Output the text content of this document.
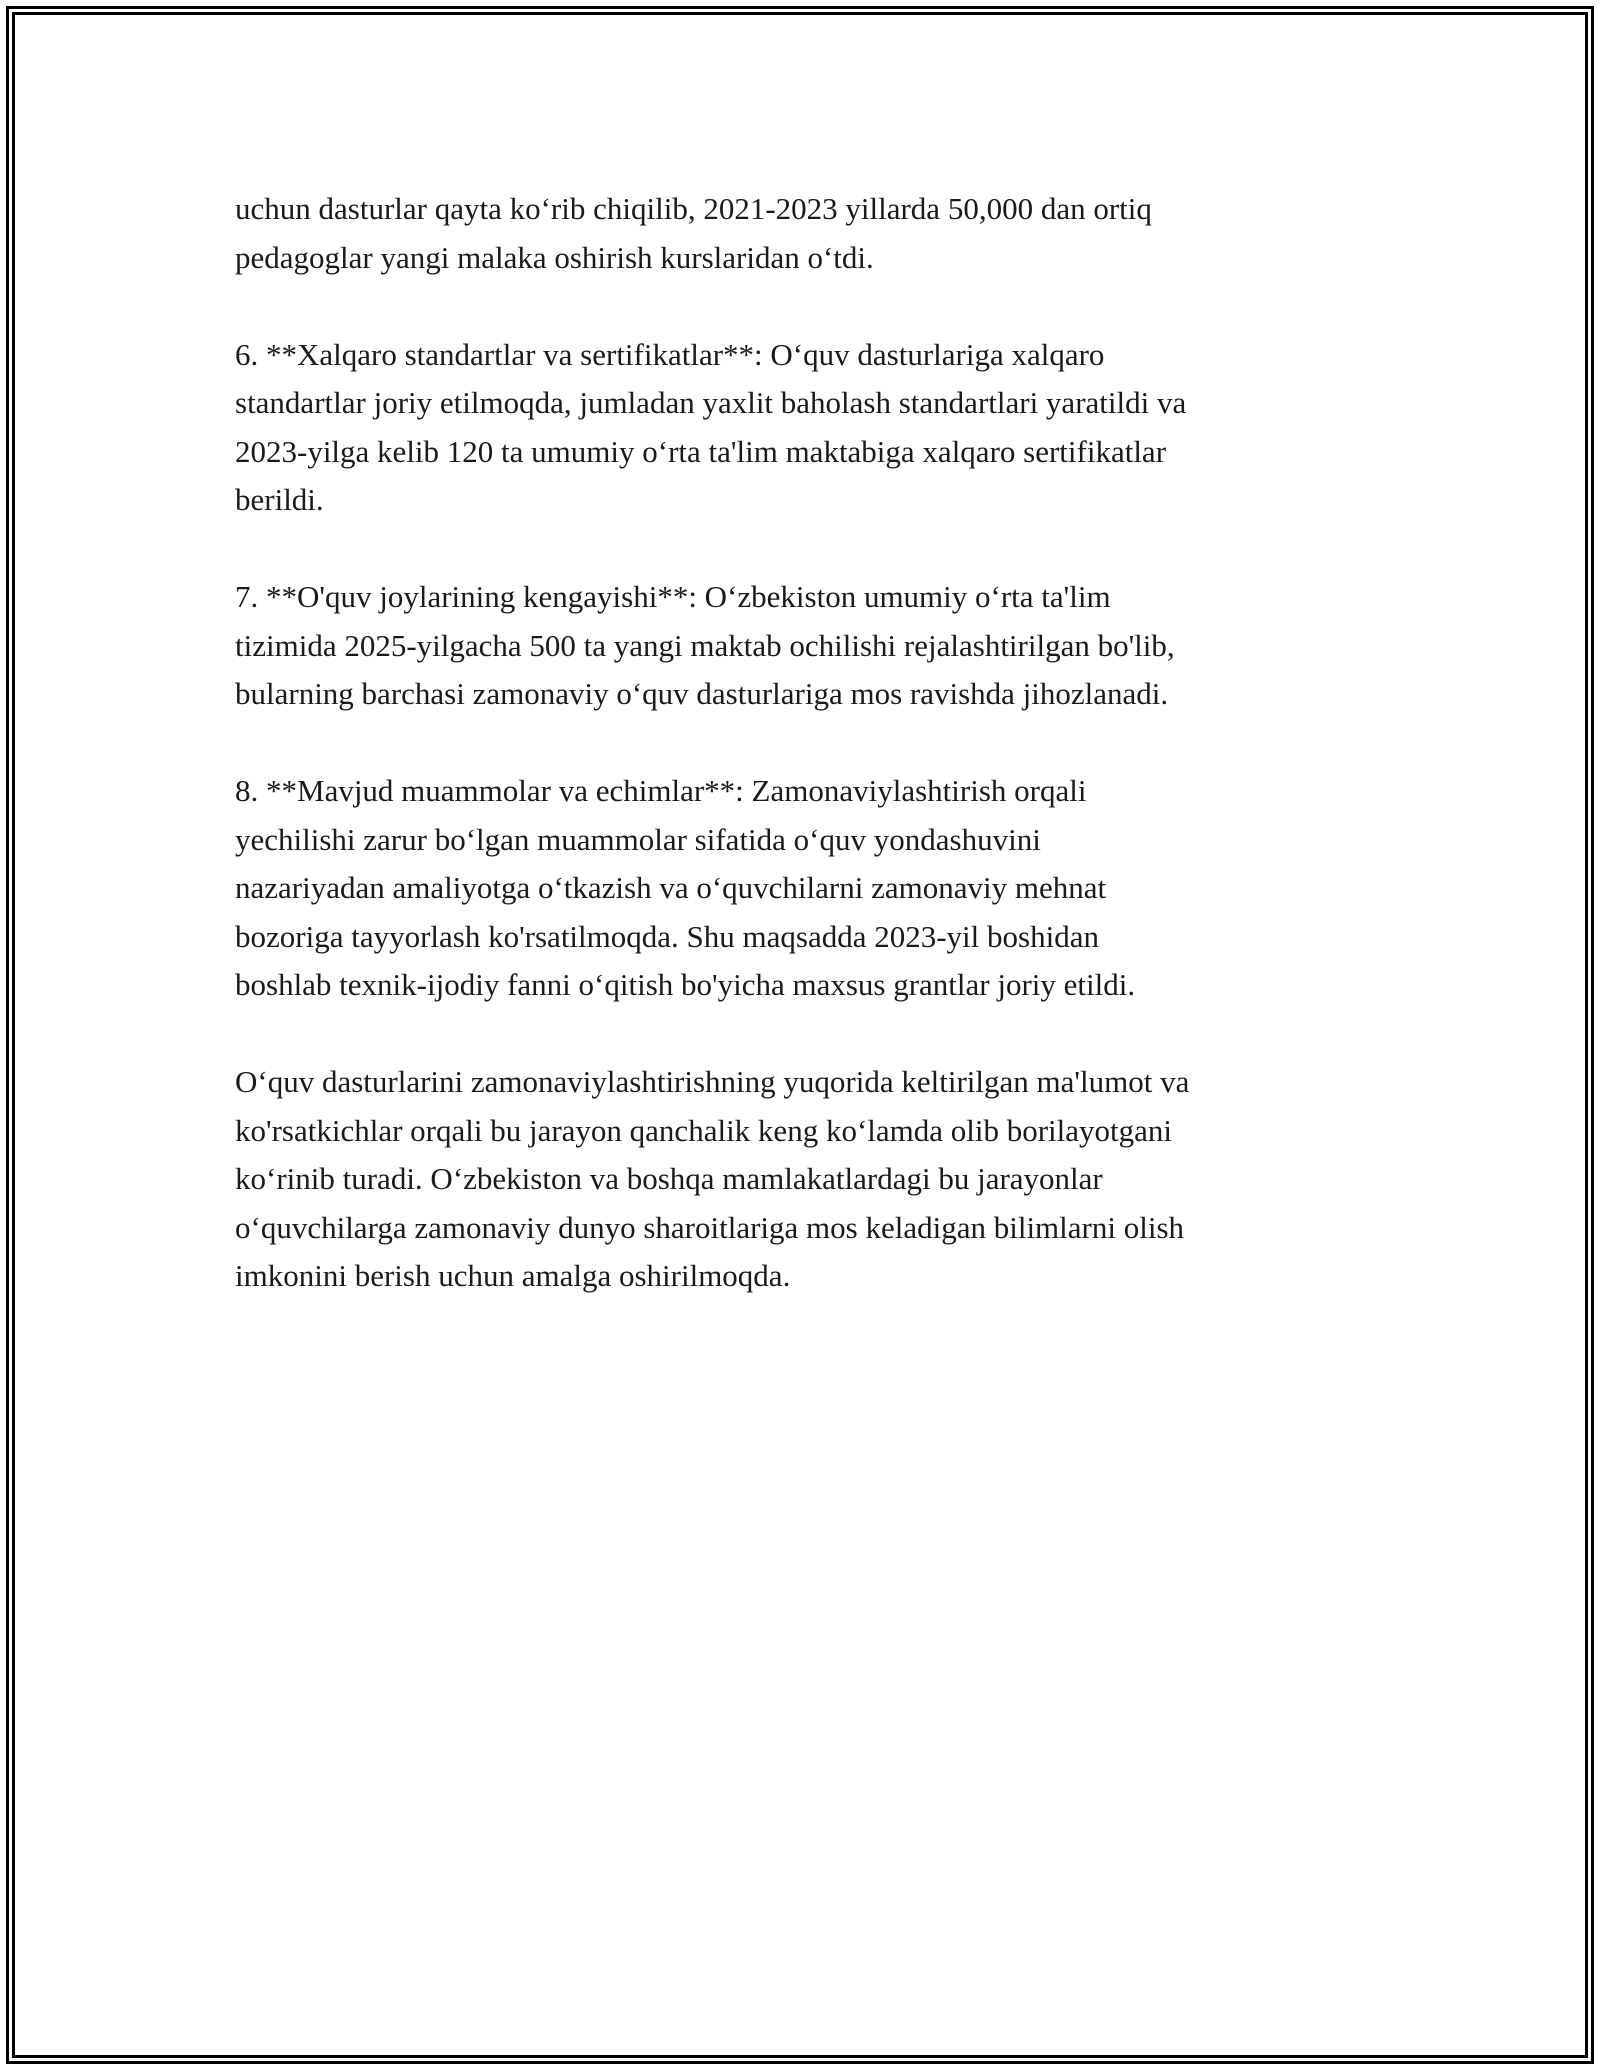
uchun dasturlar qayta koʻrib chiqilib, 2021-2023 yillarda 50,000 dan ortiq
pedagoglar yangi malaka oshirish kurslaridan oʻtdi.

6. **Xalqaro standartlar va sertifikatlar**: Oʻquv dasturlariga xalqaro
standartlar joriy etilmoqda, jumladan yaxlit baholash standartlari yaratildi va
2023-yilga kelib 120 ta umumiy oʻrta ta'lim maktabiga xalqaro sertifikatlar
berildi.

7. **O'quv joylarining kengayishi**: Oʻzbekiston umumiy oʻrta ta'lim
tizimida 2025-yilgacha 500 ta yangi maktab ochilishi rejalashtirilgan bo'lib,
bularning barchasi zamonaviy oʻquv dasturlariga mos ravishda jihozlanadi.

8. **Mavjud muammolar va echimlar**: Zamonaviylashtirish orqali
yechilishi zarur boʻlgan muammolar sifatida oʻquv yondashuvini
nazariyadan amaliyotga oʻtkazish va oʻquvchilarni zamonaviy mehnat
bozoriga tayyorlash ko'rsatilmoqda. Shu maqsadda 2023-yil boshidan
boshlab texnik-ijodiy fanni oʻqitish bo'yicha maxsus grantlar joriy etildi.

Oʻquv dasturlarini zamonaviylashtirishning yuqorida keltirilgan ma'lumot va
ko'rsatkichlar orqali bu jarayon qanchalik keng koʻlamda olib borilayotgani
koʻrinib turadi. Oʻzbekiston va boshqa mamlakatlardagi bu jarayonlar
oʻquvchilarga zamonaviy dunyo sharoitlariga mos keladigan bilimlarni olish
imkonini berish uchun amalga oshirilmoqda.
